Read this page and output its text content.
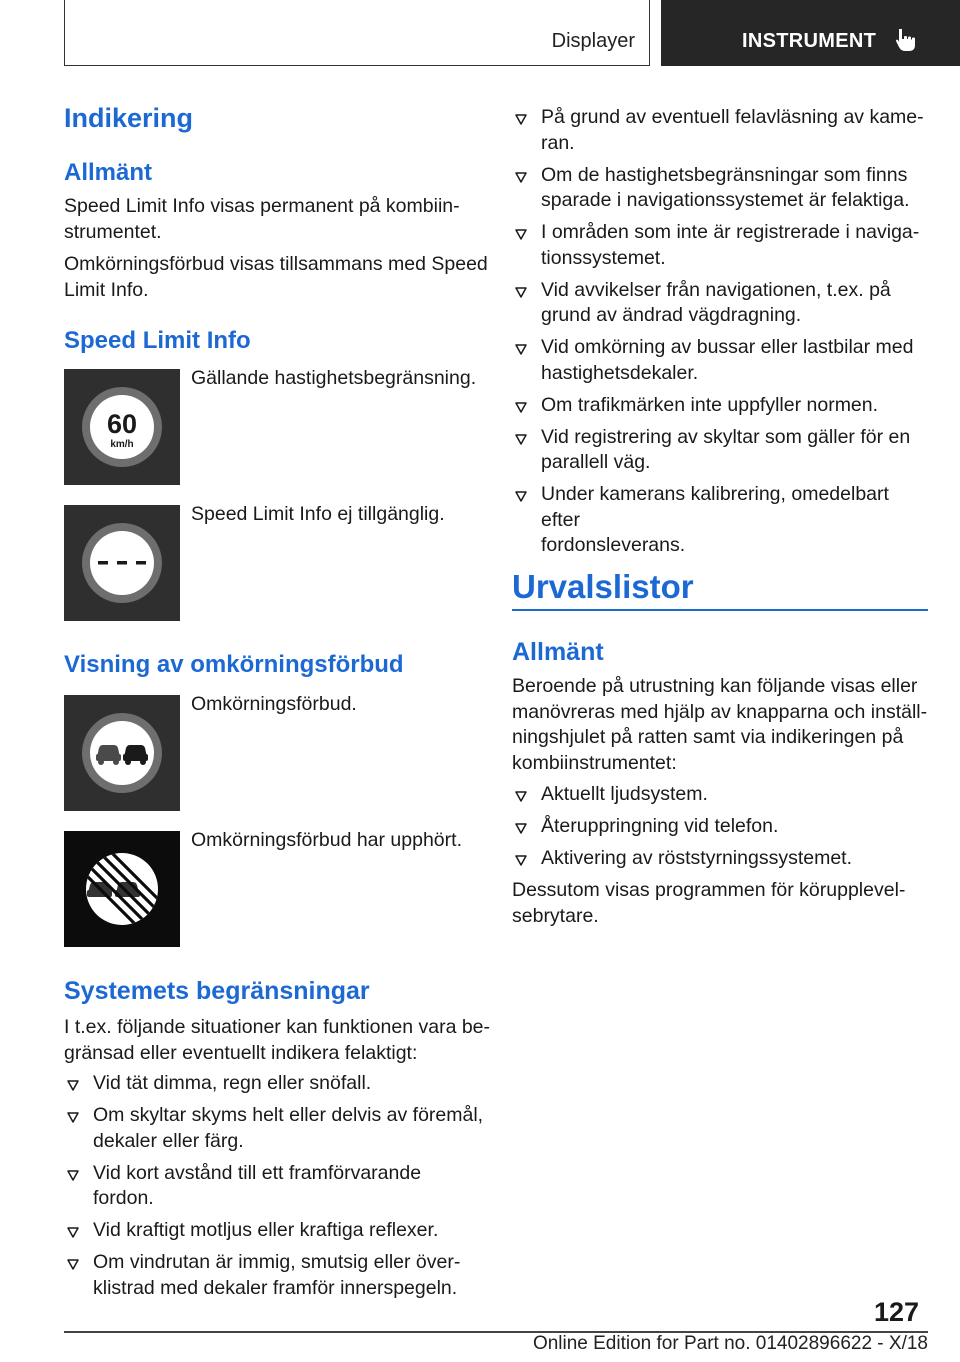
Displayer	INSTRUMENT
Indikering
Allmänt
Speed Limit Info visas permanent på kombiin-
strumentet.
Omkörningsförbud visas tillsammans med Speed
Limit Info.
Speed Limit Info
60
km/h
Gällande hastighetsbegränsning.
Speed Limit Info ej tillgänglig.
Visning av omkörningsförbud
Omkörningsförbud.
Omkörningsförbud har upphört.
Systemets begränsningar
I t.ex. följande situationer kan funktionen vara be-
gränsad eller eventuellt indikera felaktigt:
Vid tät dimma, regn eller snöfall.
Om skyltar skyms helt eller delvis av föremål,
dekaler eller färg.
Vid kort avstånd till ett framförvarande fordon.
Vid kraftigt motljus eller kraftiga reflexer.
Om vindrutan är immig, smutsig eller över-
klistrad med dekaler framför innerspegeln.
På grund av eventuell felavläsning av kame-
ran.
Om de hastighetsbegränsningar som finns
sparade i navigationssystemet är felaktiga.
I områden som inte är registrerade i naviga-
tionssystemet.
Vid avvikelser från navigationen, t.ex. på
grund av ändrad vägdragning.
Vid omkörning av bussar eller lastbilar med
hastighetsdekaler.
Om trafikmärken inte uppfyller normen.
Vid registrering av skyltar som gäller för en
parallell väg.
Under kamerans kalibrering, omedelbart efter
fordonsleverans.
Urvalslistor
Allmänt
Beroende på utrustning kan följande visas eller
manövreras med hjälp av knapparna och inställ-
ningshjulet på ratten samt via indikeringen på
kombiinstrumentet:
Aktuellt ljudsystem.
Återuppringning vid telefon.
Aktivering av röststyrningssystemet.
Dessutom visas programmen för körupplevel-
sebrytare.
127
Online Edition for Part no. 01402896622 - X/18
